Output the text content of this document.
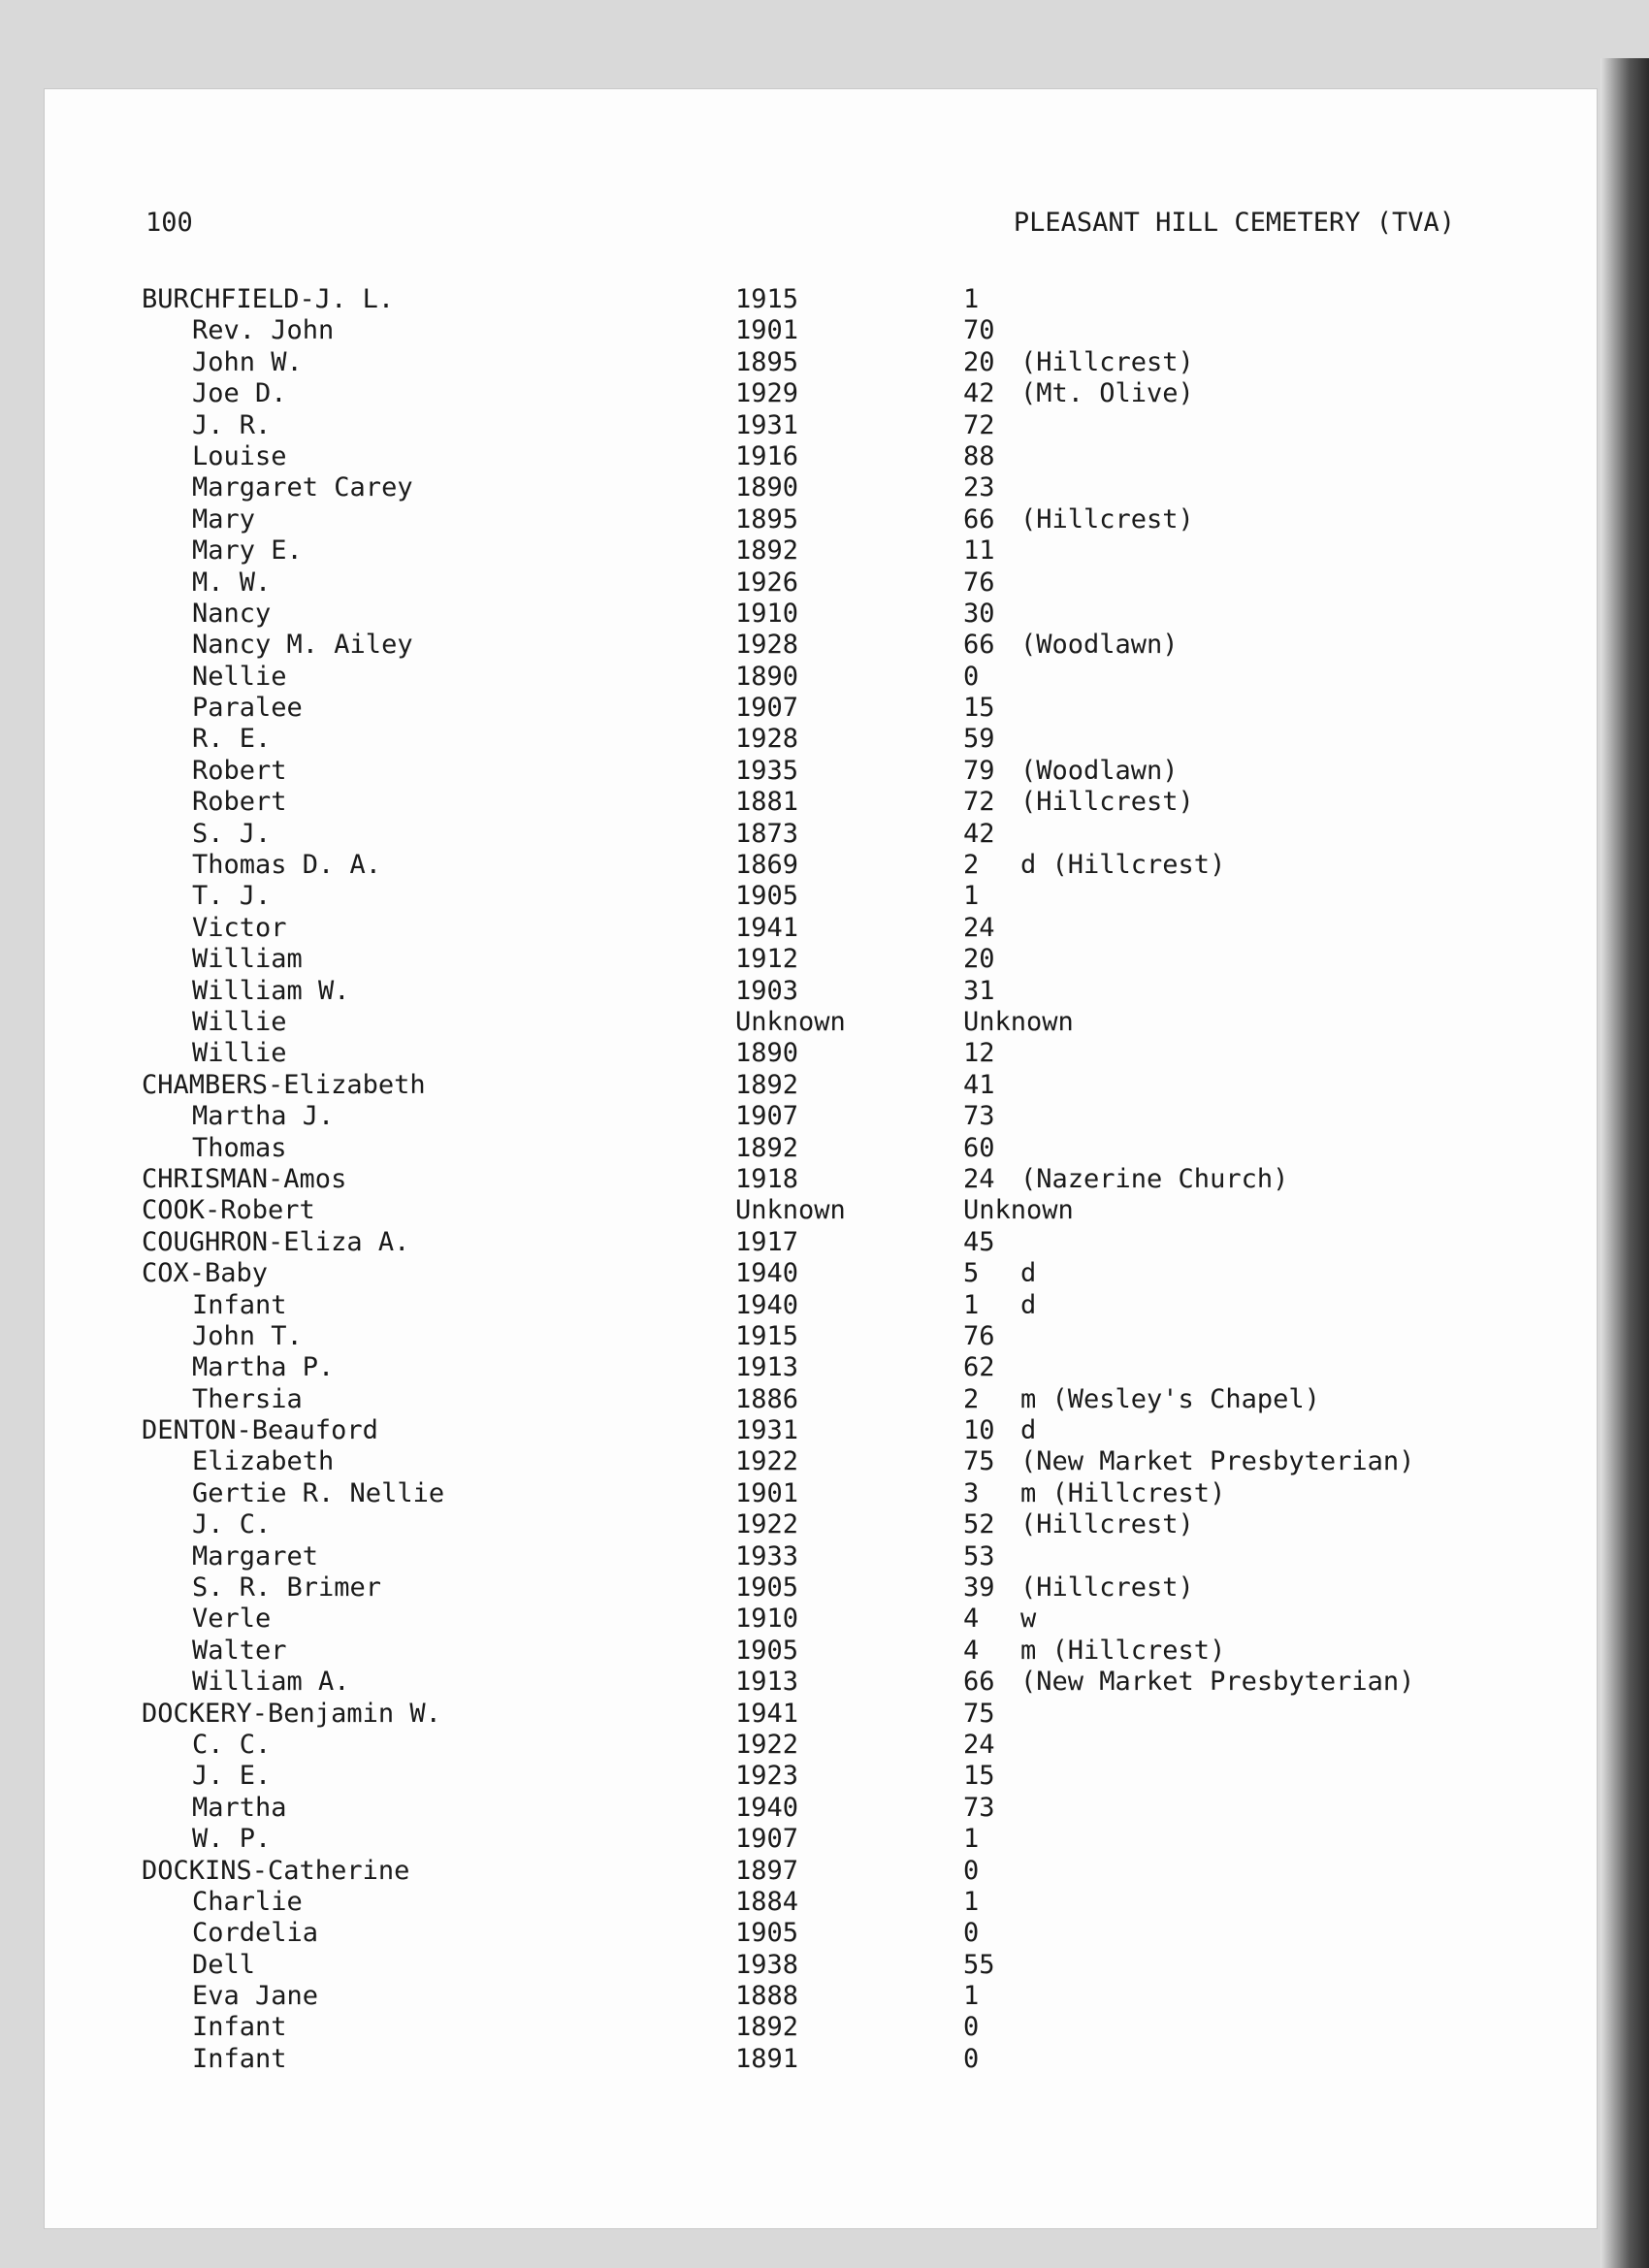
100	PLEASANT HILL CEMETERY (TVA)
BURCHFIELD-J. L.	1915	1
Rev. John	1901	70
John W.	1895	20 (Hillcrest)
Joe D.	1929	42 (Mt. Olive)
J. R.	1931	72
Louise	1916	88
Margaret Carey	1890	23
Mary	1895	66 (Hillcrest)
Mary E.	1892	11
M. W.	1926	76
Nancy	1910	30
Nancy M. Ailey	1928	66 (Woodlawn)
Nellie	1890	0
Paralee	1907	15
R. E.	1928	59
Robert	1935	79 (Woodlawn)
Robert	1881	72 (Hillcrest)
S. J.	1873	42
Thomas D. A.	1869	2 d (Hillcrest)
T. J.	1905	1
Victor	1941	24
William	1912	20
William W.	1903	31
Willie	Unknown	Unknown
Willie	1890	12
CHAMBERS-Elizabeth	1892	41
Martha J.	1907	73
Thomas	1892	60
CHRISMAN-Amos	1918	24 (Nazerine Church)
COOK-Robert	Unknown	Unknown
COUGHRON-Eliza A.	1917	45
COX-Baby	1940	5 d
Infant	1940	1 d
John T.	1915	76
Martha P.	1913	62
Thersia	1886	2 m (Wesley's Chapel)
DENTON-Beauford	1931	10 d
Elizabeth	1922	75 (New Market Presbyterian)
Gertie R. Nellie	1901	3 m (Hillcrest)
J. C.	1922	52 (Hillcrest)
Margaret	1933	53
S. R. Brimer	1905	39 (Hillcrest)
Verle	1910	4 w
Walter	1905	4 m (Hillcrest)
William A.	1913	66 (New Market Presbyterian)
DOCKERY-Benjamin W.	1941	75
C. C.	1922	24
J. E.	1923	15
Martha	1940	73
W. P.	1907	1
DOCKINS-Catherine	1897	0
Charlie	1884	1
Cordelia	1905	0
Dell	1938	55
Eva Jane	1888	1
Infant	1892	0
Infant	1891	0
